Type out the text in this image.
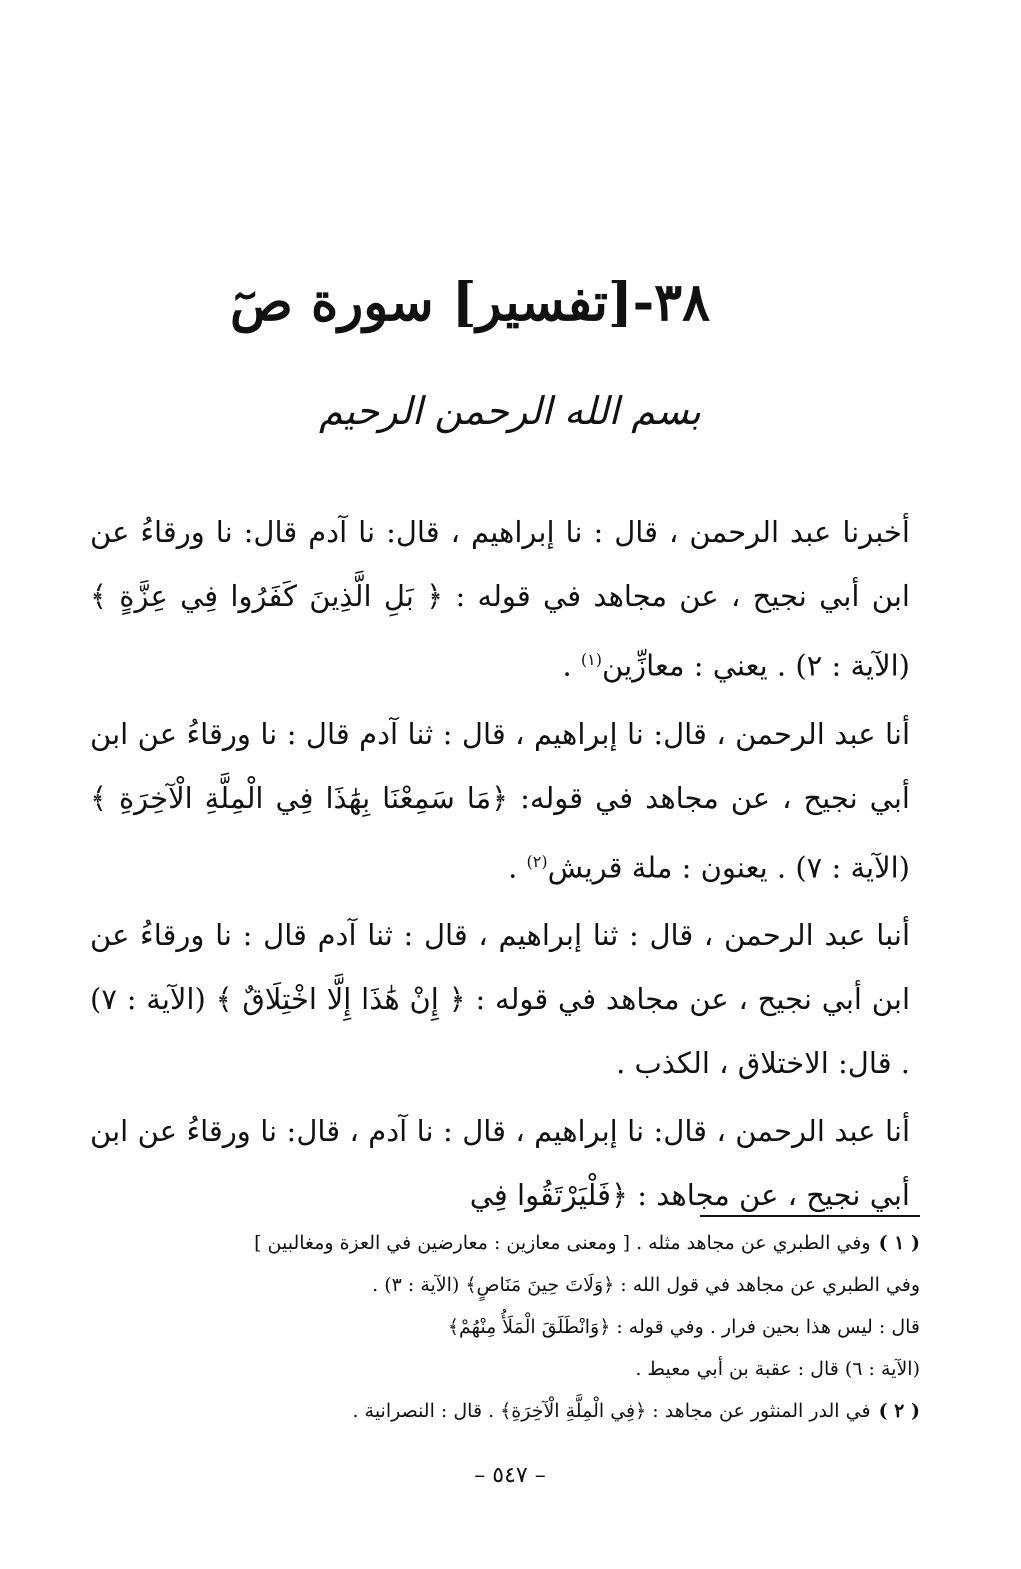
٣٨-[تفسير] سورة صٓ
بسم الله الرحمن الرحيم

أخبرنا عبد الرحمن ، قال : نا إبراهيم ، قال: نا آدم قال: نا ورقاءُ عن ابن أبي نجيح ، عن مجاهد في قوله : ﴿ بَلِ الَّذِينَ كَفَرُوا فِي عِزَّةٍ ﴾ (الآية : ٢) . يعني : معازِّين$^{(١)}$ .

أنا عبد الرحمن ، قال: نا إبراهيم ، قال : ثنا آدم قال : نا ورقاءُ عن ابن أبي نجيح ، عن مجاهد في قوله: ﴿مَا سَمِعْنَا بِهَٰذَا فِي الْمِلَّةِ الْآخِرَةِ ﴾ (الآية : ٧) . يعنون : ملة قريش$^{(٢)}$ .

أنبا عبد الرحمن ، قال : ثنا إبراهيم ، قال : ثنا آدم قال : نا ورقاءُ عن ابن أبي نجيح ، عن مجاهد في قوله : ﴿ إِنْ هَٰذَا إِلَّا اخْتِلَاقٌ ﴾ (الآية : ٧) . قال: الاختلاق ، الكذب .

أنا عبد الرحمن ، قال: نا إبراهيم ، قال : نا آدم ، قال: نا ورقاءُ عن ابن أبي نجيح ، عن مجاهد : ﴿فَلْيَرْتَقُوا فِي

( ١ )وفي الطبري عن مجاهد مثله . [ ومعنى معازين : معارضين في العزة ومغالبين ]

وفي الطبري عن مجاهد في قول الله : ﴿وَلَاتَ حِينَ مَنَاصٍ﴾ (الآية : ٣) .

قال : ليس هذا بحين فرار . وفي قوله : ﴿وَانْطَلَقَ الْمَلَأُ مِنْهُمْ﴾

(الآية : ٦) قال : عقبة بن أبي معيط .

( ٢ )في الدر المنثور عن مجاهد : ﴿فِي الْمِلَّةِ الْآخِرَةِ﴾ . قال : النصرانية .

– ٥٤٧ –
